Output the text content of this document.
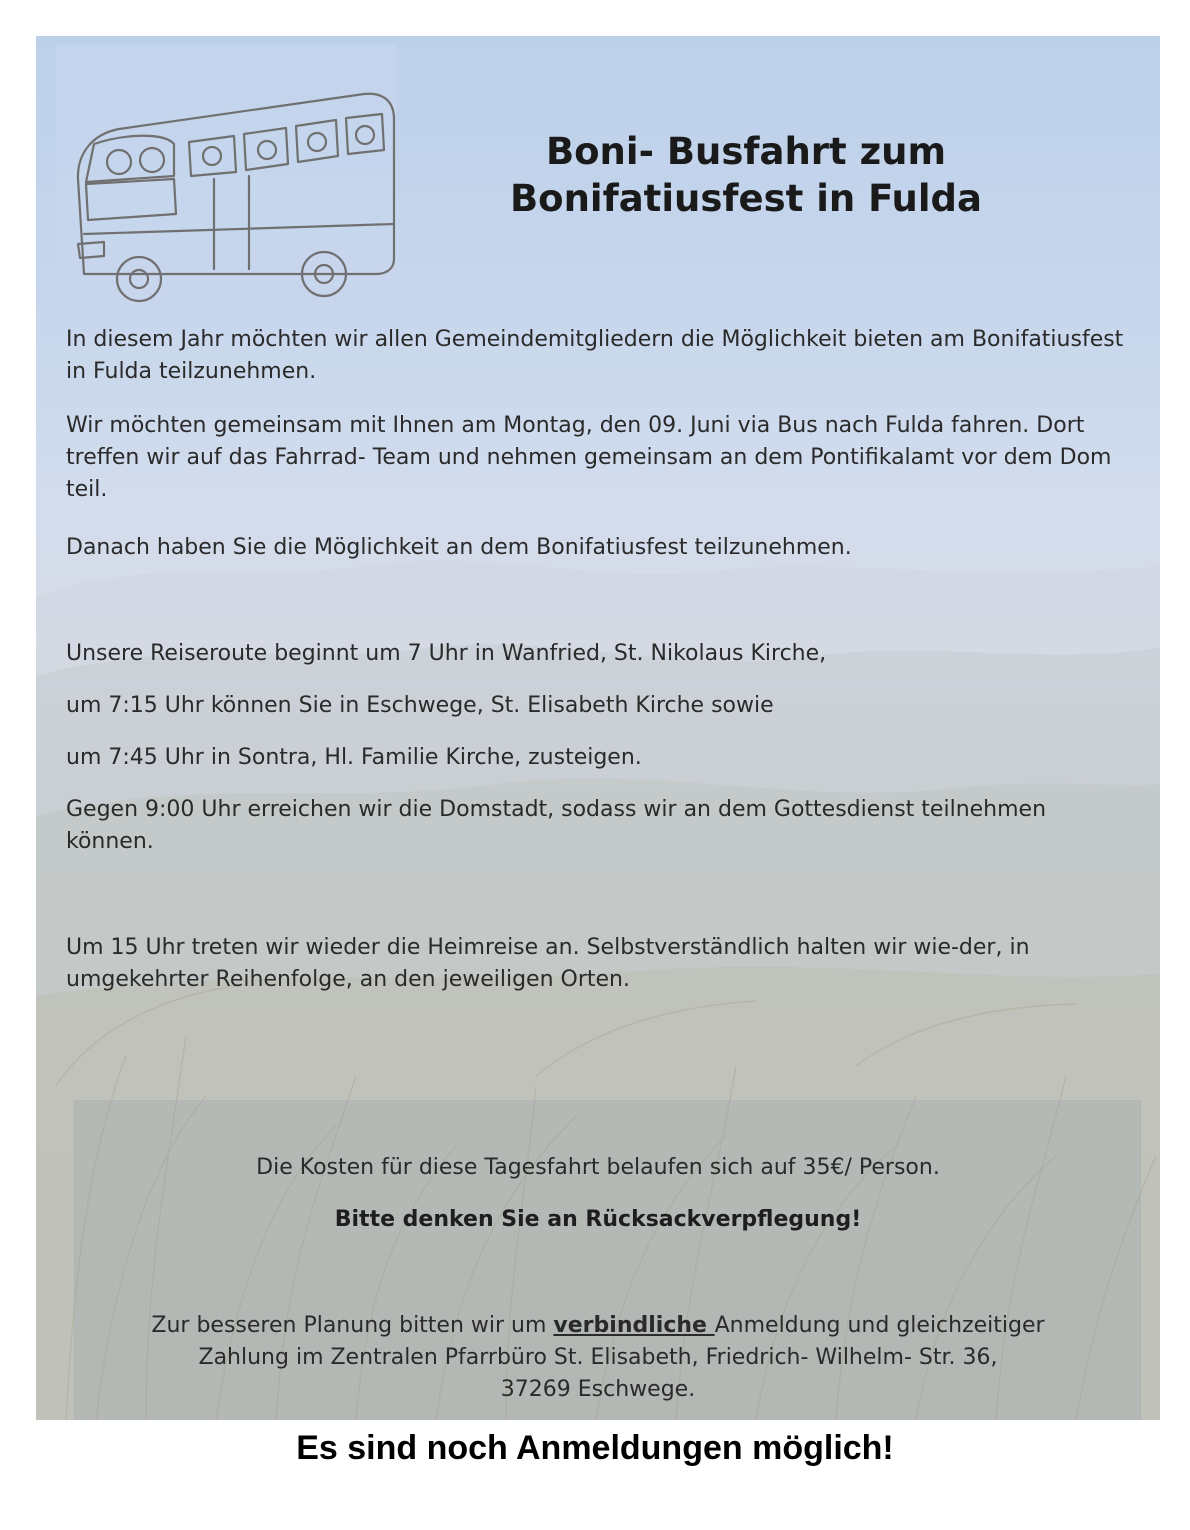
Boni- Busfahrt zum
Bonifatiusfest in Fulda

In diesem Jahr möchten wir allen Gemeindemitgliedern die Möglichkeit bieten am Bonifatiusfest in Fulda teilzunehmen.

Wir möchten gemeinsam mit Ihnen am Montag, den 09. Juni via Bus nach Fulda fahren. Dort treffen wir auf das Fahrrad- Team und nehmen gemeinsam an dem Pontifikalamt vor dem Dom teil.

Danach haben Sie die Möglichkeit an dem Bonifatiusfest teilzunehmen.

Unsere Reiseroute beginnt um 7 Uhr in Wanfried, St. Nikolaus Kirche,

um 7:15 Uhr können Sie in Eschwege, St. Elisabeth Kirche sowie

um 7:45 Uhr in Sontra, Hl. Familie Kirche, zusteigen.

Gegen 9:00 Uhr erreichen wir die Domstadt, sodass wir an dem Gottesdienst teilnehmen können.

Um 15 Uhr treten wir wieder die Heimreise an. Selbstverständlich halten wir wie-der, in umgekehrter Reihenfolge, an den jeweiligen Orten.

Die Kosten für diese Tagesfahrt belaufen sich auf 35€/ Person.

Bitte denken Sie an Rücksackverpflegung!

Zur besseren Planung bitten wir um verbindliche Anmeldung und gleichzeitiger

Zahlung im Zentralen Pfarrbüro St. Elisabeth, Friedrich- Wilhelm- Str. 36,

37269 Eschwege.

Es sind noch Anmeldungen möglich!
